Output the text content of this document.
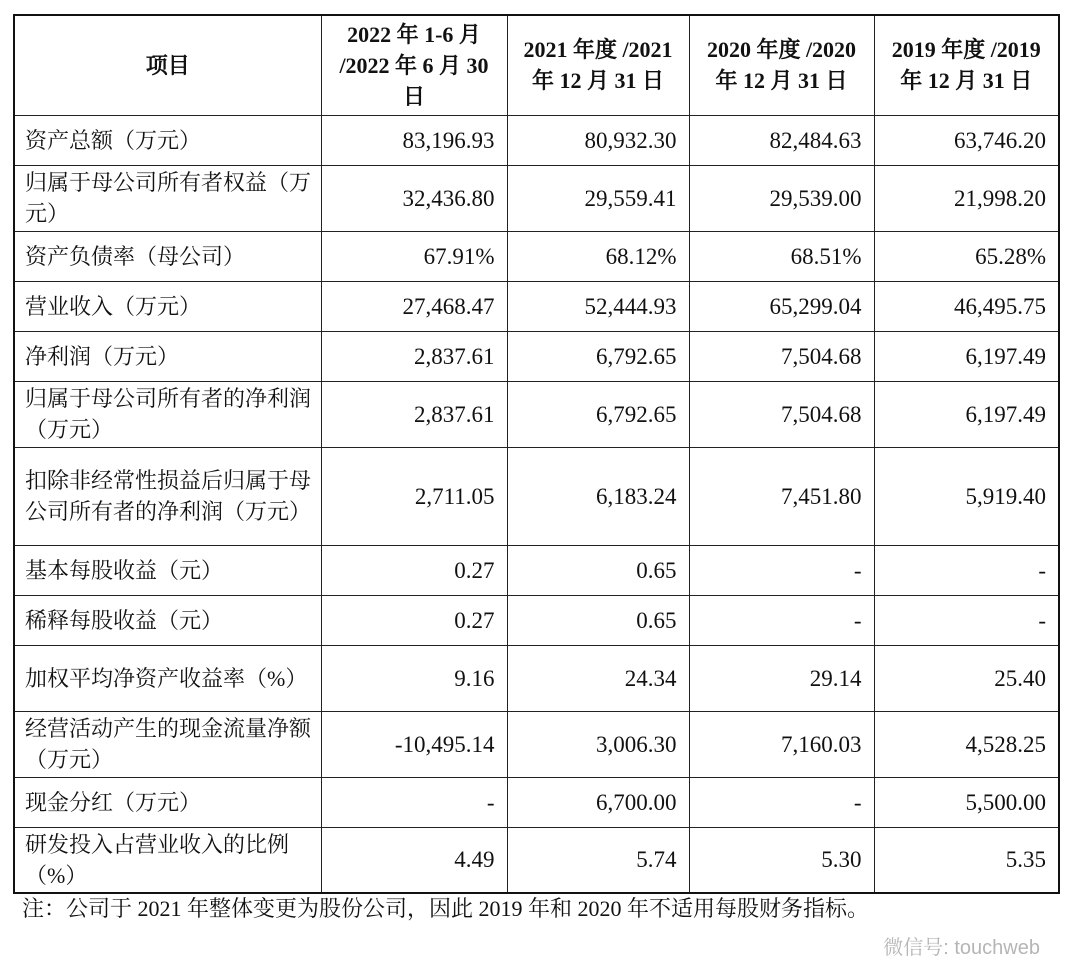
项目	2022 年 1-6 月 /2022 年 6 月 30 日	2021 年度 /2021 年 12 月 31 日	2020 年度 /2020 年 12 月 31 日	2019 年度 /2019 年 12 月 31 日
资产总额（万元）	83,196.93	80,932.30	82,484.63	63,746.20
归属于母公司所有者权益（万元）	32,436.80	29,559.41	29,539.00	21,998.20
资产负债率（母公司）	67.91%	68.12%	68.51%	65.28%
营业收入（万元）	27,468.47	52,444.93	65,299.04	46,495.75
净利润（万元）	2,837.61	6,792.65	7,504.68	6,197.49
归属于母公司所有者的净利润（万元）	2,837.61	6,792.65	7,504.68	6,197.49
扣除非经常性损益后归属于母公司所有者的净利润（万元）	2,711.05	6,183.24	7,451.80	5,919.40
基本每股收益（元）	0.27	0.65	-	-
稀释每股收益（元）	0.27	0.65	-	-
加权平均净资产收益率（%）	9.16	24.34	29.14	25.40
经营活动产生的现金流量净额（万元）	-10,495.14	3,006.30	7,160.03	4,528.25
现金分红（万元）	-	6,700.00	-	5,500.00
研发投入占营业收入的比例（%）	4.49	5.74	5.30	5.35
注：公司于 2021 年整体变更为股份公司，因此 2019 年和 2020 年不适用每股财务指标。
微信号: touchweb
